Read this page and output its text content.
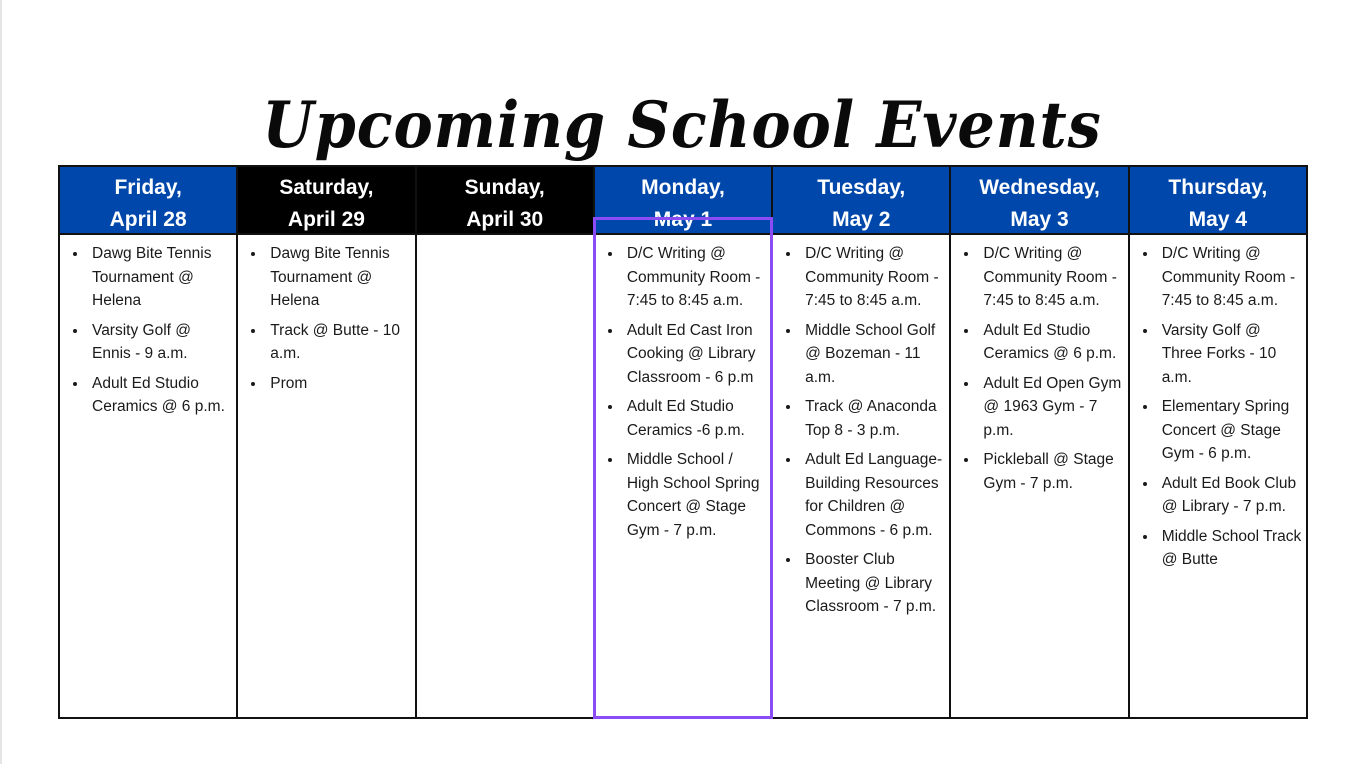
Upcoming School Events
Friday,
April 28
• Dawg Bite Tennis Tournament @ Helena
• Varsity Golf @ Ennis - 9 a.m.
• Adult Ed Studio Ceramics @ 6 p.m.
Saturday,
April 29
• Dawg Bite Tennis Tournament @ Helena
• Track @ Butte - 10 a.m.
• Prom
Sunday,
April 30
Monday,
May 1
• D/C Writing @ Community Room - 7:45 to 8:45 a.m.
• Adult Ed Cast Iron Cooking @ Library Classroom - 6 p.m
• Adult Ed Studio Ceramics -6 p.m.
• Middle School / High School Spring Concert @ Stage Gym - 7 p.m.
Tuesday,
May 2
• D/C Writing @ Community Room - 7:45 to 8:45 a.m.
• Middle School Golf @ Bozeman - 11 a.m.
• Track @ Anaconda Top 8 - 3 p.m.
• Adult Ed Language-Building Resources for Children @ Commons - 6 p.m.
• Booster Club Meeting @ Library Classroom - 7 p.m.
Wednesday,
May 3
• D/C Writing @ Community Room - 7:45 to 8:45 a.m.
• Adult Ed Studio Ceramics @ 6 p.m.
• Adult Ed Open Gym @ 1963 Gym - 7 p.m.
• Pickleball @ Stage Gym - 7 p.m.
Thursday,
May 4
• D/C Writing @ Community Room - 7:45 to 8:45 a.m.
• Varsity Golf @ Three Forks - 10 a.m.
• Elementary Spring Concert @ Stage Gym - 6 p.m.
• Adult Ed Book Club @ Library - 7 p.m.
• Middle School Track @ Butte
